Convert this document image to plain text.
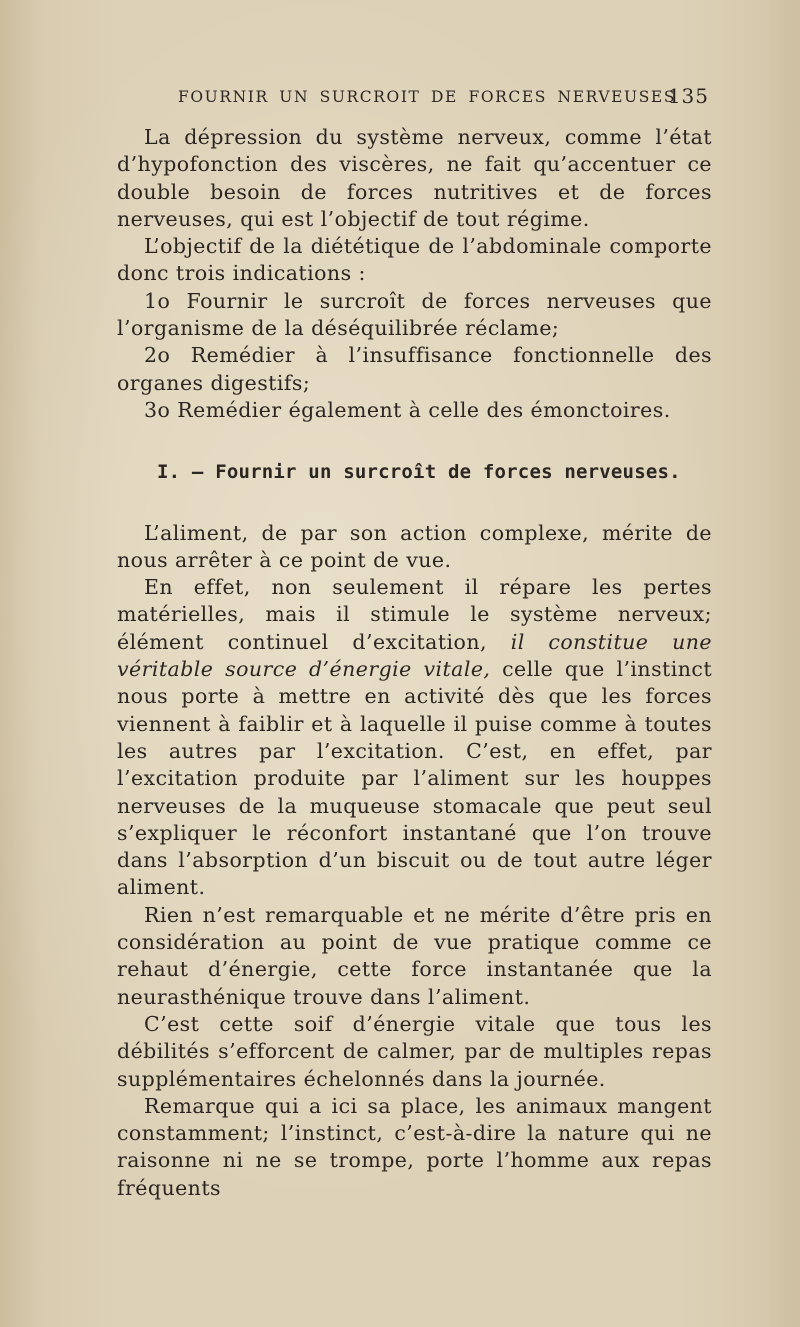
FOURNIR UN SURCROIT DE FORCES NERVEUSES
135

La dépression du système nerveux, comme l’état d’hypofonction des viscères, ne fait qu’accentuer ce double besoin de forces nutritives et de forces nerveuses, qui est l’objectif de tout régime.

L’objectif de la diététique de l’abdominale comporte donc trois indications :

1o Fournir le surcroît de forces nerveuses que l’organisme de la déséquilibrée réclame;

2o Remédier à l’insuffisance fonctionnelle des organes digestifs;

3o Remédier également à celle des émonctoires.

I. — Fournir un surcroît de forces nerveuses.

L’aliment, de par son action complexe, mérite de nous arrêter à ce point de vue.

En effet, non seulement il répare les pertes matérielles, mais il stimule le système nerveux; élément continuel d’excitation, il constitue une véritable source d’énergie vitale, celle que l’instinct nous porte à mettre en activité dès que les forces viennent à faiblir et à laquelle il puise comme à toutes les autres par l’excitation. C’est, en effet, par l’excitation produite par l’aliment sur les houppes nerveuses de la muqueuse stomacale que peut seul s’expliquer le réconfort instantané que l’on trouve dans l’absorption d’un biscuit ou de tout autre léger aliment.

Rien n’est remarquable et ne mérite d’être pris en considération au point de vue pratique comme ce rehaut d’énergie, cette force instantanée que la neurasthénique trouve dans l’aliment.

C’est cette soif d’énergie vitale que tous les débilités s’efforcent de calmer, par de multiples repas supplémentaires échelonnés dans la journée.

Remarque qui a ici sa place, les animaux mangent constamment; l’instinct, c’est-à-dire la nature qui ne raisonne ni ne se trompe, porte l’homme aux repas fréquents
